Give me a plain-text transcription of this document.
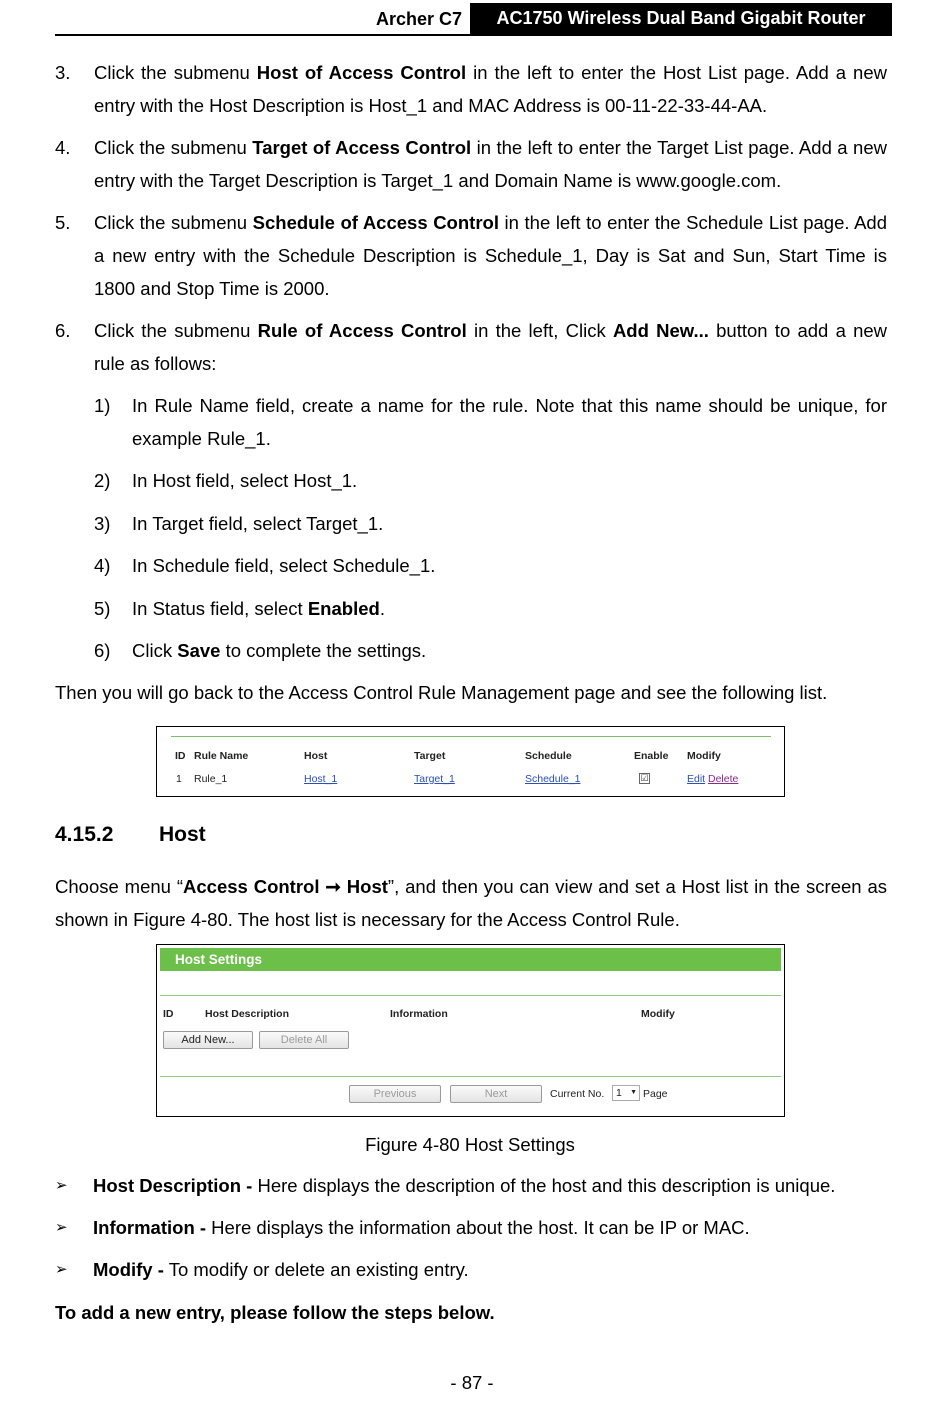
Archer C7	AC1750 Wireless Dual Band Gigabit Router
3. Click the submenu Host of Access Control in the left to enter the Host List page. Add a new entry with the Host Description is Host_1 and MAC Address is 00-11-22-33-44-AA.
4. Click the submenu Target of Access Control in the left to enter the Target List page. Add a new entry with the Target Description is Target_1 and Domain Name is www.google.com.
5. Click the submenu Schedule of Access Control in the left to enter the Schedule List page. Add a new entry with the Schedule Description is Schedule_1, Day is Sat and Sun, Start Time is 1800 and Stop Time is 2000.
6. Click the submenu Rule of Access Control in the left, Click Add New... button to add a new rule as follows:
1) In Rule Name field, create a name for the rule. Note that this name should be unique, for example Rule_1.
2) In Host field, select Host_1.
3) In Target field, select Target_1.
4) In Schedule field, select Schedule_1.
5) In Status field, select Enabled.
6) Click Save to complete the settings.
Then you will go back to the Access Control Rule Management page and see the following list.
ID Rule Name	Host	Target	Schedule	Enable Modify
1 Rule_1	Host_1	Target_1	Schedule_1	☑	Edit Delete
4.15.2 Host
Choose menu “Access Control ➞ Host”, and then you can view and set a Host list in the screen as shown in Figure 4-80. The host list is necessary for the Access Control Rule.
Host Settings
ID	Host Description	Information	Modify
Add New...	Delete All
Previous	Next	Current No. 1 ▼ Page
Figure 4-80 Host Settings
➢ Host Description - Here displays the description of the host and this description is unique.
➢ Information - Here displays the information about the host. It can be IP or MAC.
➢ Modify - To modify or delete an existing entry.
To add a new entry, please follow the steps below.
- 87 -
